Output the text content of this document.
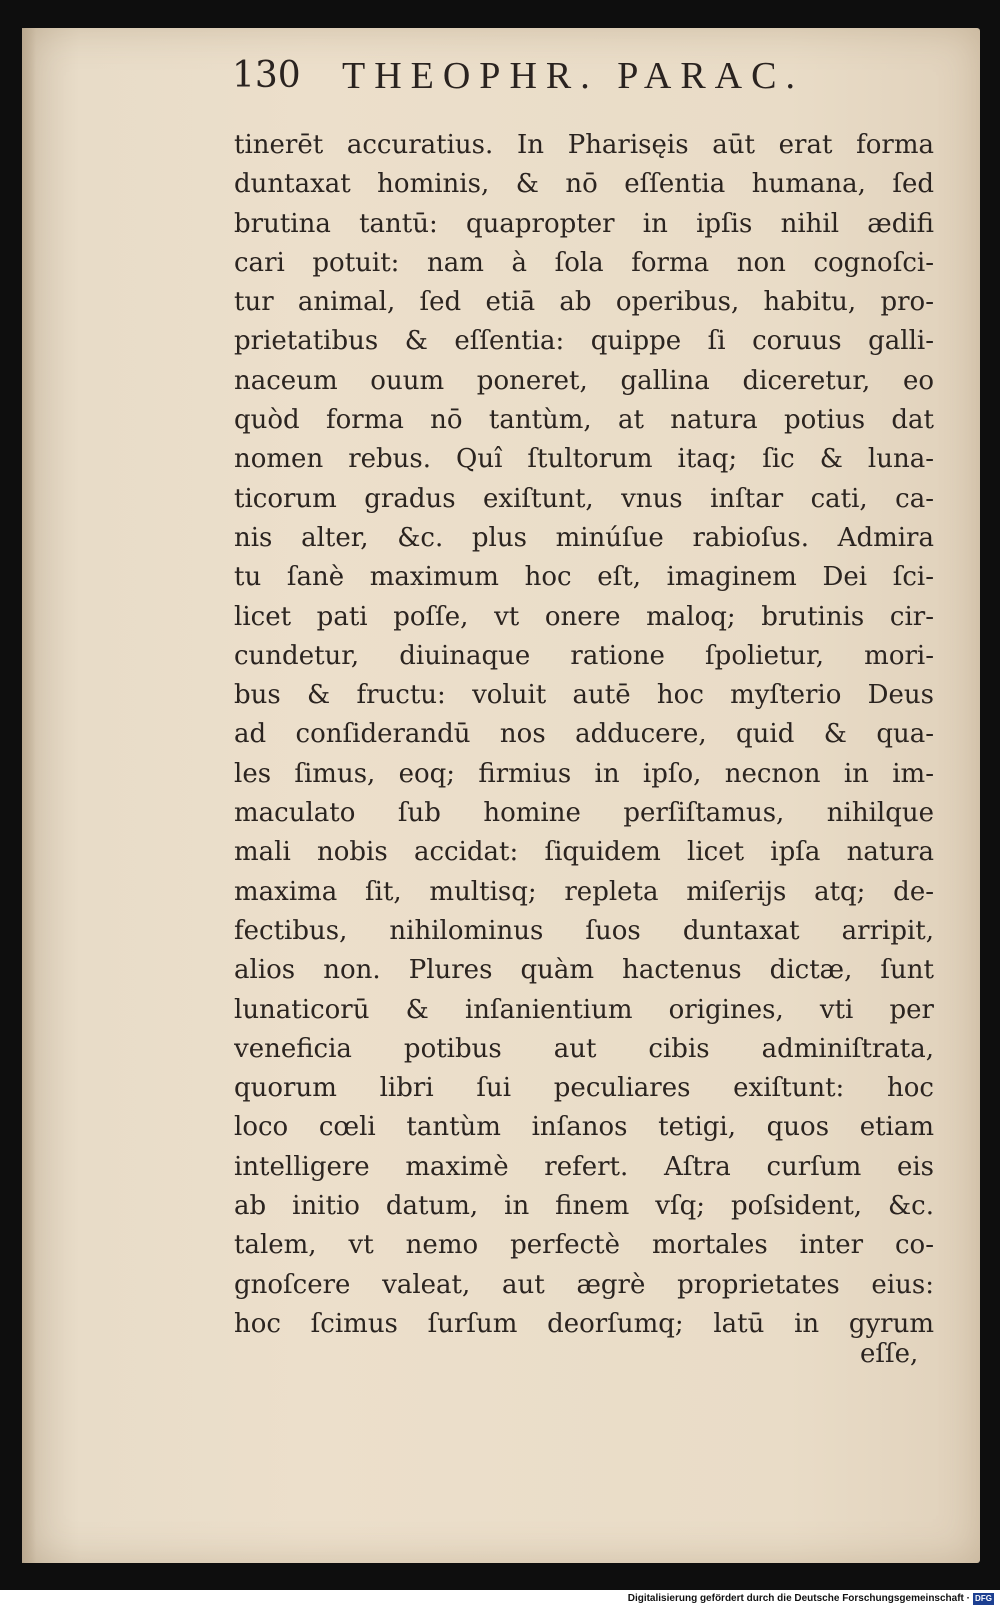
130 THEOPHR. PARAC.
tinerēt accuratius. In Pharisęis aūt erat forma
duntaxat hominis, & nō eſſentia humana, ſed
brutina tantū: quapropter in ipſis nihil ædifi
cari potuit: nam à ſola forma non cognoſci-
tur animal, ſed etiā ab operibus, habitu, pro-
prietatibus & eſſentia: quippe ſi coruus galli-
naceum ouum poneret, gallina diceretur, eo
quòd forma nō tantùm, at natura potius dat
nomen rebus. Quî ſtultorum itaq; ſic & luna-
ticorum gradus exiſtunt, vnus inſtar cati, ca-
nis alter, &c. plus minúſue rabioſus. Admira
tu ſanè maximum hoc eſt, imaginem Dei ſci-
licet pati poſſe, vt onere maloq; brutinis cir-
cundetur, diuinaque ratione ſpolietur, mori-
bus & fructu: voluit autē hoc myſterio Deus
ad conſiderandū nos adducere, quid & qua-
les ſimus, eoq; firmius in ipſo, necnon in im-
maculato ſub homine perſiſtamus, nihilque
mali nobis accidat: ſiquidem licet ipſa natura
maxima ſit, multisq; repleta miſerijs atq; de-
fectibus, nihilominus ſuos duntaxat arripit,
alios non. Plures quàm hactenus dictæ, ſunt
lunaticorū & inſanientium origines, vti per
veneficia potibus aut cibis adminiſtrata,
quorum libri ſui peculiares exiſtunt: hoc
loco cœli tantùm inſanos tetigi, quos etiam
intelligere maximè refert. Aſtra curſum eis
ab initio datum, in finem vſq; poſsident, &c.
talem, vt nemo perfectè mortales inter co-
gnoſcere valeat, aut ægrè proprietates eius:
hoc ſcimus ſurſum deorſumq; latū in gyrum
eſſe,
Digitalisierung gefördert durch die Deutsche Forschungsgemeinschaft · DFG
